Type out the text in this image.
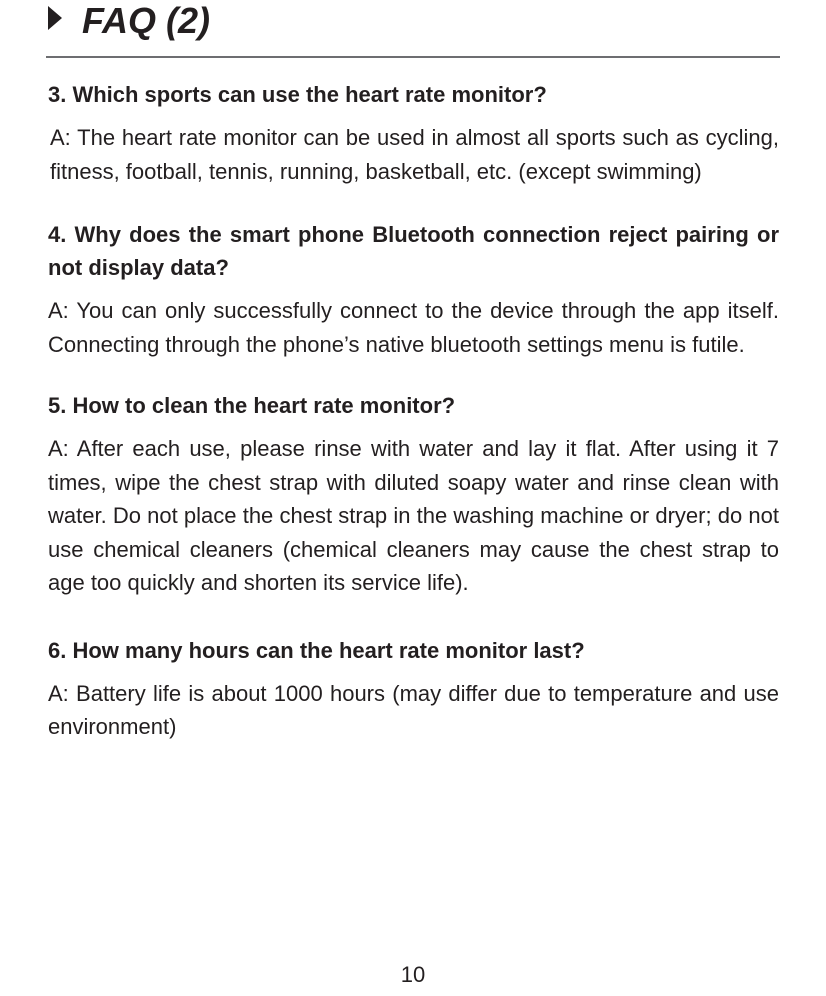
FAQ (2)

3. Which sports can use the heart rate monitor?

A: The heart rate monitor can be used in almost all sports such as cycling, fitness, football, tennis, running, basketball, etc. (except swimming)

4. Why does the smart phone Bluetooth connection reject pairing or not display data?

A: You can only successfully connect to the device through the app itself. Connecting through the phone’s native bluetooth settings menu is futile.

5. How to clean the heart rate monitor?

A: After each use, please rinse with water and lay it flat. After using it 7 times, wipe the chest strap with diluted soapy water and rinse clean with water. Do not place the chest strap in the washing machine or dryer; do not use chemical cleaners (chemical cleaners may cause the chest strap to age too quickly and shorten its service life).

6. How many hours can the heart rate monitor last?

A: Battery life is about 1000 hours (may differ due to temperature and use environment)

10
